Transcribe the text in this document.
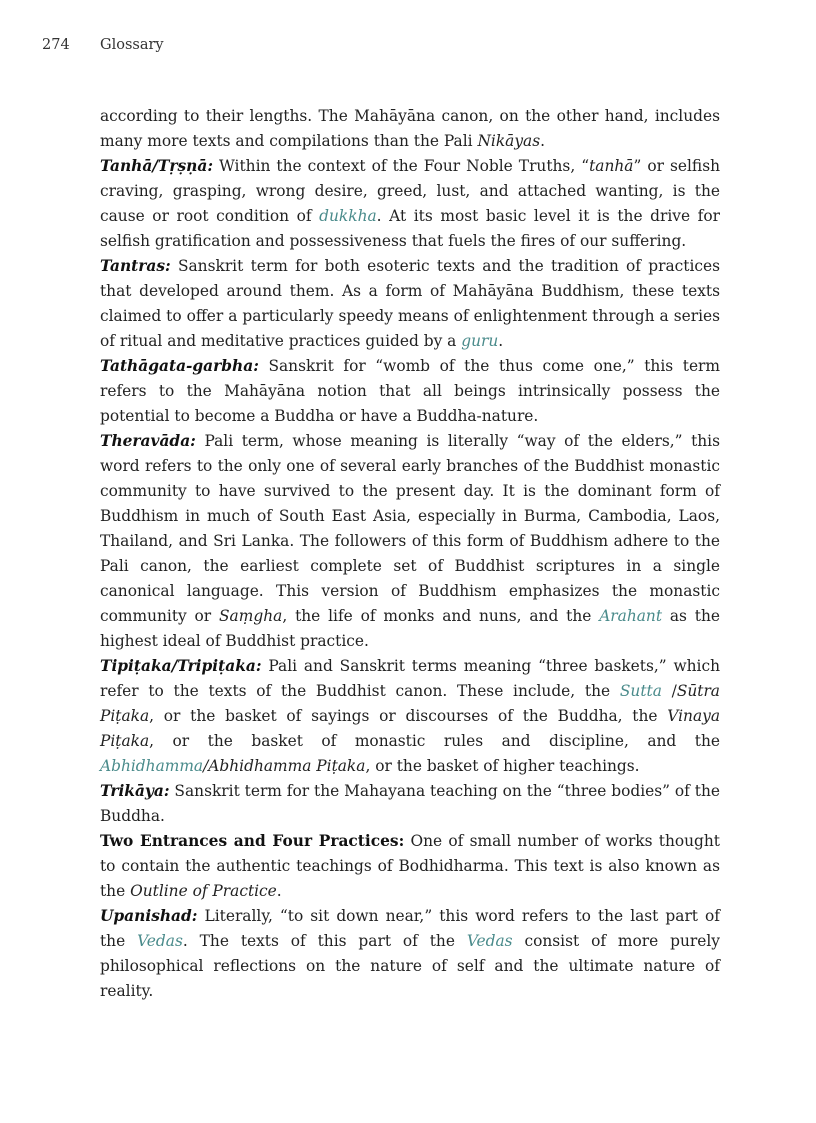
274 Glossary

according to their lengths. The Mahāyāna canon, on the other hand, includes many more texts and compilations than the Pali Nikāyas.

Tanhā/Tṛṣṇā: Within the context of the Four Noble Truths, “tanhā” or selfish craving, grasping, wrong desire, greed, lust, and attached wanting, is the cause or root condition of dukkha. At its most basic level it is the drive for selfish gratification and possessiveness that fuels the fires of our suffering.

Tantras: Sanskrit term for both esoteric texts and the tradition of practices that developed around them. As a form of Mahāyāna Buddhism, these texts claimed to offer a particularly speedy means of enlightenment through a series of ritual and meditative practices guided by a guru.

Tathāgata-garbha: Sanskrit for “womb of the thus come one,” this term refers to the Mahāyāna notion that all beings intrinsically possess the potential to become a Buddha or have a Buddha-nature.

Theravāda: Pali term, whose meaning is literally “way of the elders,” this word refers to the only one of several early branches of the Buddhist monastic community to have survived to the present day. It is the dominant form of Buddhism in much of South East Asia, especially in Burma, Cambodia, Laos, Thailand, and Sri Lanka. The followers of this form of Buddhism adhere to the Pali canon, the earliest complete set of Buddhist scriptures in a single canonical language. This version of Buddhism emphasizes the monastic community or Saṃgha, the life of monks and nuns, and the Arahant as the highest ideal of Buddhist practice.

Tipiṭaka/Tripiṭaka: Pali and Sanskrit terms meaning “three baskets,” which refer to the texts of the Buddhist canon. These include, the Sutta /Sūtra Piṭaka, or the basket of sayings or discourses of the Buddha, the Vinaya Piṭaka, or the basket of monastic rules and discipline, and the Abhidhamma/Abhidhamma Piṭaka, or the basket of higher teachings.

Trikāya: Sanskrit term for the Mahayana teaching on the “three bodies” of the Buddha.

Two Entrances and Four Practices: One of small number of works thought to contain the authentic teachings of Bodhidharma. This text is also known as the Outline of Practice.

Upanishad: Literally, “to sit down near,” this word refers to the last part of the Vedas. The texts of this part of the Vedas consist of more purely philosophical reflections on the nature of self and the ultimate nature of reality.
